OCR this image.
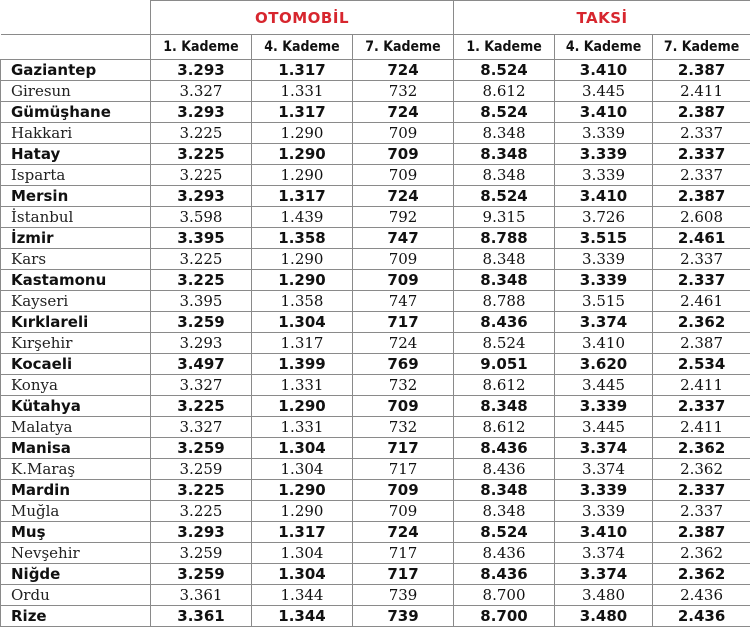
	OTOMOBİL			TAKSİ		
	1. Kademe	4. Kademe	7. Kademe	1. Kademe	4. Kademe	7. Kademe
Gaziantep	3.293	1.317	724	8.524	3.410	2.387
Giresun	3.327	1.331	732	8.612	3.445	2.411
Gümüşhane	3.293	1.317	724	8.524	3.410	2.387
Hakkari	3.225	1.290	709	8.348	3.339	2.337
Hatay	3.225	1.290	709	8.348	3.339	2.337
Isparta	3.225	1.290	709	8.348	3.339	2.337
Mersin	3.293	1.317	724	8.524	3.410	2.387
İstanbul	3.598	1.439	792	9.315	3.726	2.608
İzmir	3.395	1.358	747	8.788	3.515	2.461
Kars	3.225	1.290	709	8.348	3.339	2.337
Kastamonu	3.225	1.290	709	8.348	3.339	2.337
Kayseri	3.395	1.358	747	8.788	3.515	2.461
Kırklareli	3.259	1.304	717	8.436	3.374	2.362
Kırşehir	3.293	1.317	724	8.524	3.410	2.387
Kocaeli	3.497	1.399	769	9.051	3.620	2.534
Konya	3.327	1.331	732	8.612	3.445	2.411
Kütahya	3.225	1.290	709	8.348	3.339	2.337
Malatya	3.327	1.331	732	8.612	3.445	2.411
Manisa	3.259	1.304	717	8.436	3.374	2.362
K.Maraş	3.259	1.304	717	8.436	3.374	2.362
Mardin	3.225	1.290	709	8.348	3.339	2.337
Muğla	3.225	1.290	709	8.348	3.339	2.337
Muş	3.293	1.317	724	8.524	3.410	2.387
Nevşehir	3.259	1.304	717	8.436	3.374	2.362
Niğde	3.259	1.304	717	8.436	3.374	2.362
Ordu	3.361	1.344	739	8.700	3.480	2.436
Rize	3.361	1.344	739	8.700	3.480	2.436
